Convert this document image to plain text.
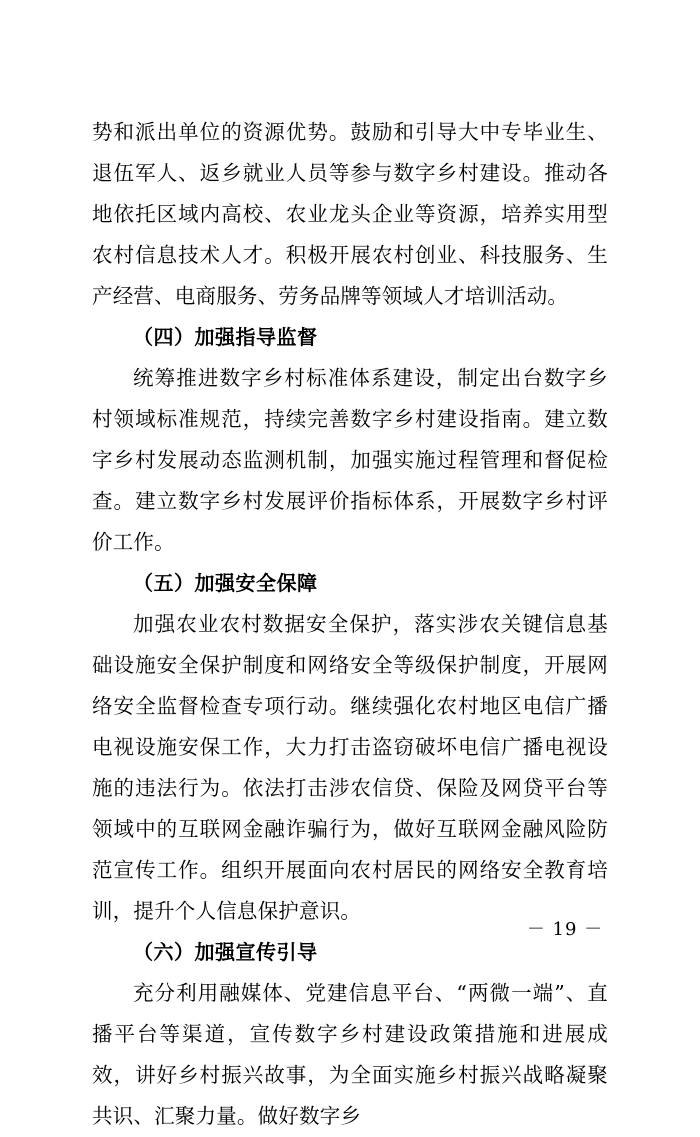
势和派出单位的资源优势。鼓励和引导大中专毕业生、退伍军人、返乡就业人员等参与数字乡村建设。推动各地依托区域内高校、农业龙头企业等资源，培养实用型农村信息技术人才。积极开展农村创业、科技服务、生产经营、电商服务、劳务品牌等领域人才培训活动。

（四）加强指导监督

统筹推进数字乡村标准体系建设，制定出台数字乡村领域标准规范，持续完善数字乡村建设指南。建立数字乡村发展动态监测机制，加强实施过程管理和督促检查。建立数字乡村发展评价指标体系，开展数字乡村评价工作。

（五）加强安全保障

加强农业农村数据安全保护，落实涉农关键信息基础设施安全保护制度和网络安全等级保护制度，开展网络安全监督检查专项行动。继续强化农村地区电信广播电视设施安保工作，大力打击盗窃破坏电信广播电视设施的违法行为。依法打击涉农信贷、保险及网贷平台等领域中的互联网金融诈骗行为，做好互联网金融风险防范宣传工作。组织开展面向农村居民的网络安全教育培训，提升个人信息保护意识。

（六）加强宣传引导

充分利用融媒体、党建信息平台、“两微一端”、直播平台等渠道，宣传数字乡村建设政策措施和进展成效，讲好乡村振兴故事，为全面实施乡村振兴战略凝聚共识、汇聚力量。做好数字乡

－ 19 －
